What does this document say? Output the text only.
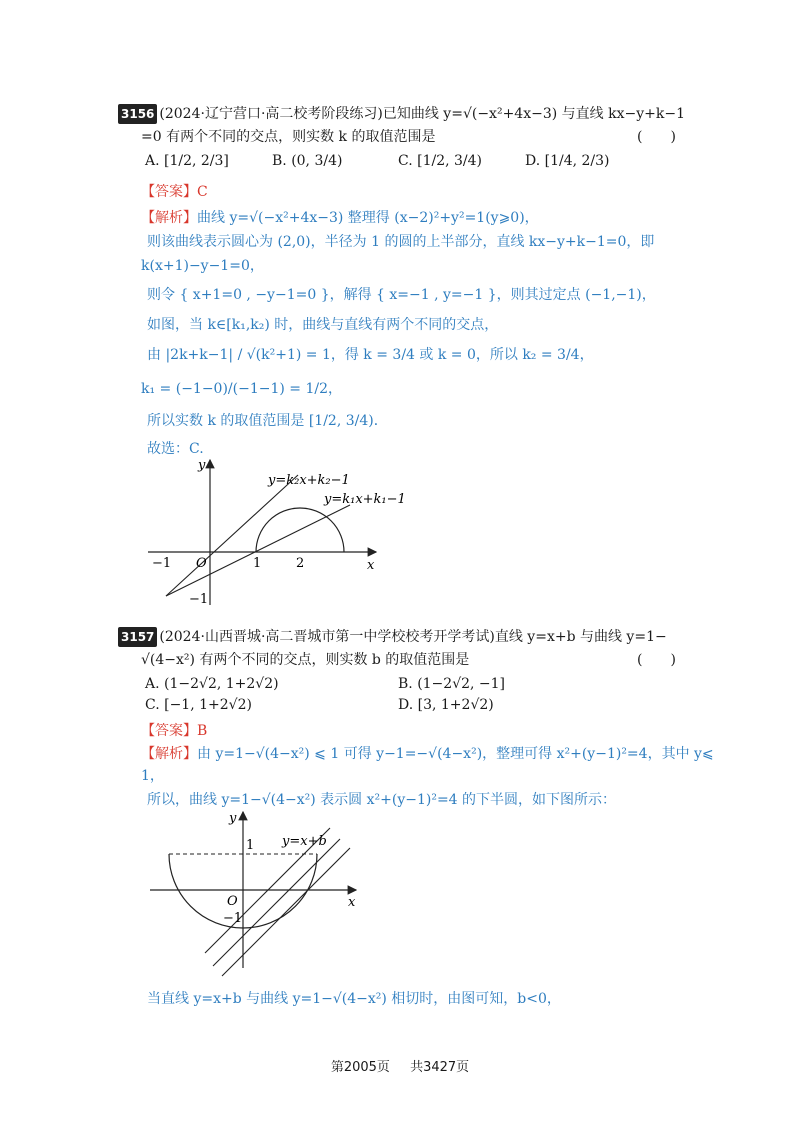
3156 (2024·辽宁营口·高二校考阶段练习)已知曲线 y=√(−x²+4x−3) 与直线 kx−y+k−1
=0 有两个不同的交点，则实数 k 的取值范围是	(　　)
A. [1/2, 2/3]	B. (0, 3/4)	C. [1/2, 3/4)	D. [1/4, 2/3)
【答案】C
【解析】曲线 y=√(−x²+4x−3) 整理得 (x−2)²+y²=1(y⩾0)，
则该曲线表示圆心为 (2,0)，半径为 1 的圆的上半部分，直线 kx−y+k−1=0，即
k(x+1)−y−1=0，
则令 { x+1=0 , −y−1=0 }，解得 { x=−1 , y=−1 }，则其过定点 (−1,−1)，
如图，当 k∈[k₁,k₂) 时，曲线与直线有两个不同的交点，
由 |2k+k−1| / √(k²+1) = 1，得 k = 3/4 或 k = 0，所以 k₂ = 3/4，
k₁ = (−1−0)/(−1−1) = 1/2，
所以实数 k 的取值范围是 [1/2, 3/4)．
故选：C.
y=k₂x+k₂−1
y=k₁x+k₁−1
x
y
O
−1	1	2
−1
3157 (2024·山西晋城·高二晋城市第一中学校校考开学考试)直线 y=x+b 与曲线 y=1−
√(4−x²) 有两个不同的交点，则实数 b 的取值范围是	(　　)
A. (1−2√2, 1+2√2)	B. (1−2√2, −1]
C. [−1, 1+2√2)	D. [3, 1+2√2)
【答案】B
【解析】由 y=1−√(4−x²) ⩽ 1 可得 y−1=−√(4−x²)，整理可得 x²+(y−1)²=4，其中 y⩽
1，
所以，曲线 y=1−√(4−x²) 表示圆 x²+(y−1)²=4 的下半圆，如下图所示：
y=x+b
x
y
O
1
−1
当直线 y=x+b 与曲线 y=1−√(4−x²) 相切时，由图可知，b<0，
第2005页 共3427页
